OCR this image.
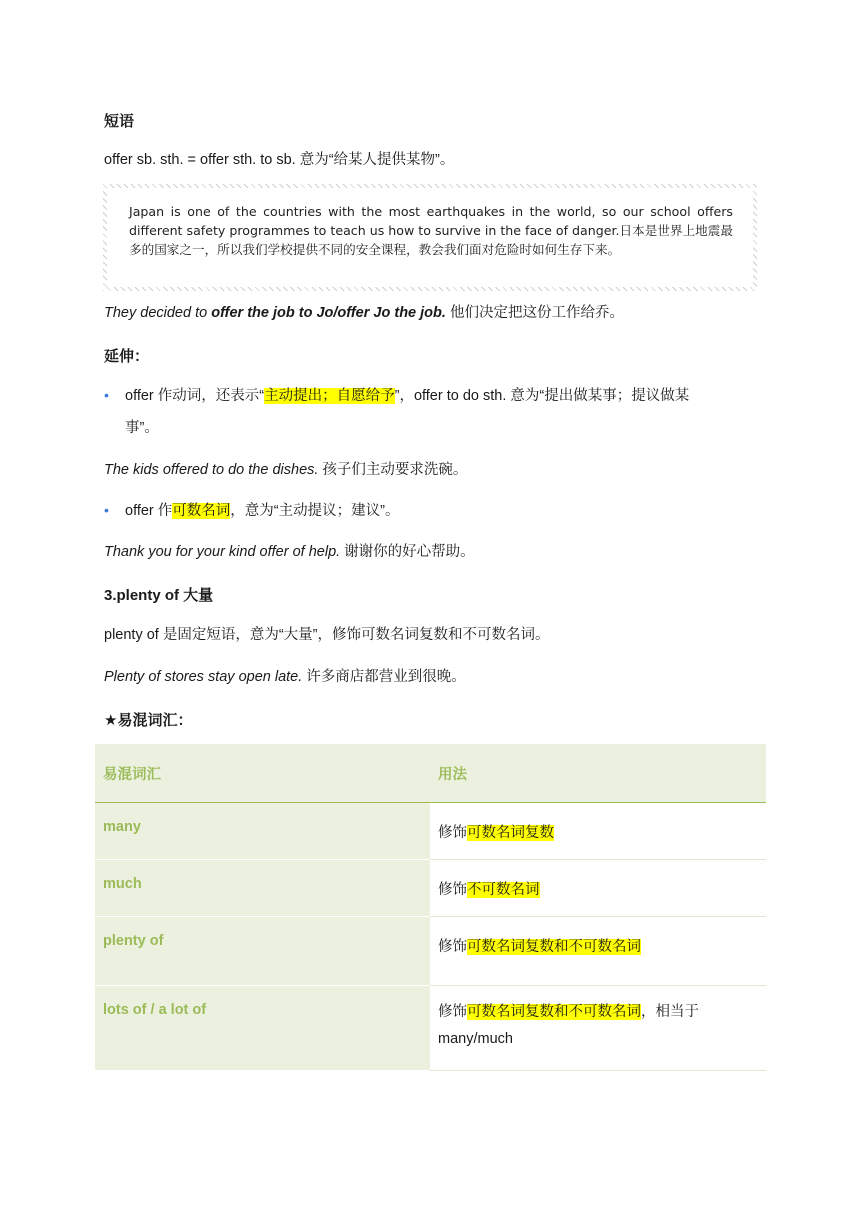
短语
offer sb. sth. = offer sth. to sb. 意为“给某人提供某物”。
Japan is one of the countries with the most earthquakes in the world, so our school offers different safety programmes to teach us how to survive in the face of danger.日本是世界上地震最多的国家之一，所以我们学校提供不同的安全课程，教会我们面对危险时如何生存下来。
They decided to offer the job to Jo/offer Jo the job. 他们决定把这份工作给乔。
延伸：
• offer 作动词，还表示“主动提出；自愿给予”，offer to do sth. 意为“提出做某事；提议做某
事”。
The kids offered to do the dishes. 孩子们主动要求洗碗。
• offer 作可数名词，意为“主动提议；建议”。
Thank you for your kind offer of help. 谢谢你的好心帮助。
3.plenty of 大量
plenty of 是固定短语，意为“大量”，修饰可数名词复数和不可数名词。
Plenty of stores stay open late. 许多商店都营业到很晚。
★易混词汇：
易混词汇	用法
many	修饰可数名词复数
much	修饰不可数名词
plenty of	修饰可数名词复数和不可数名词
lots of / a lot of	修饰可数名词复数和不可数名词，相当于
many/much
